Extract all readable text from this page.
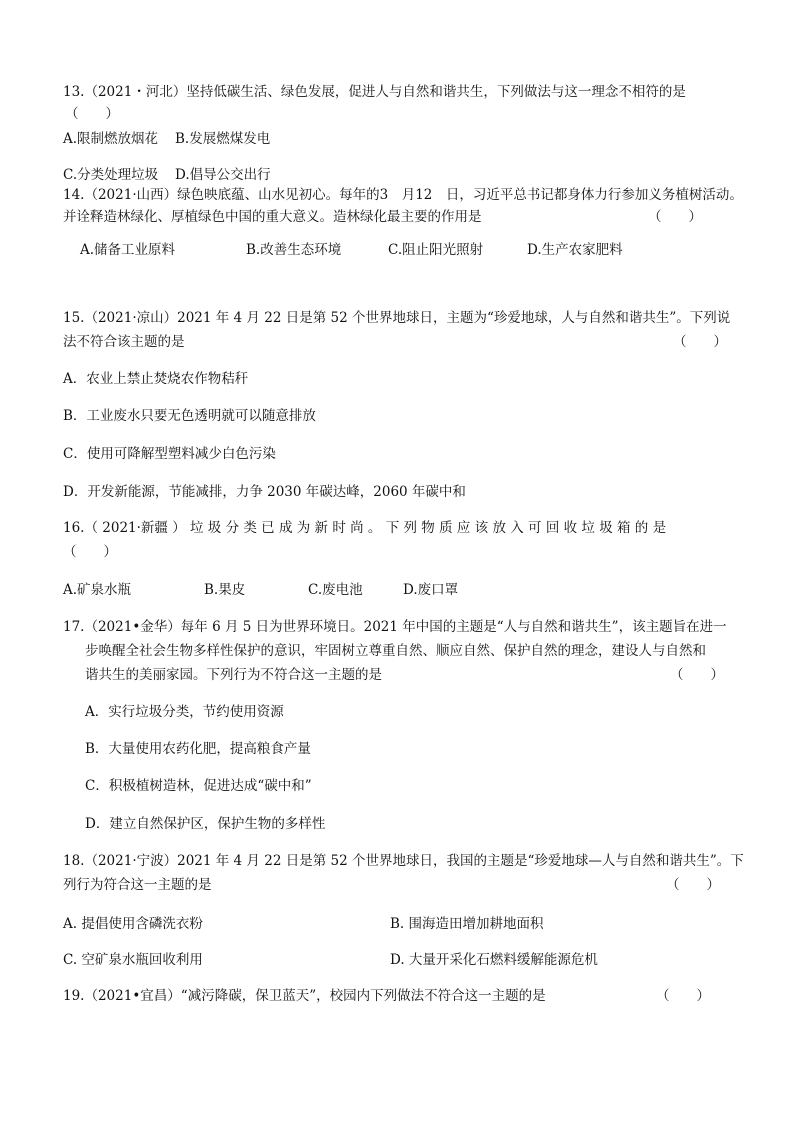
13.（2021・河北）坚持低碳生活、绿色发展，促进人与自然和谐共生，下列做法与这一理念不相符的是
（　　）
A.限制燃放烟花 B.发展燃煤发电
C.分类处理垃圾 D.倡导公交出行
14.（2021·山西）绿色映底蕴、山水见初心。每年的3　月12　日，习近平总书记都身体力行参加义务植树活动。
并诠释造林绿化、厚植绿色中国的重大意义。造林绿化最主要的作用是	（　　）
A.储备工业原料	B.改善生态环境	C.阻止阳光照射	D.生产农家肥料
15.（2021·凉山）2021 年 4 月 22 日是第 52 个世界地球日，主题为“珍爱地球，人与自然和谐共生”。下列说
法不符合该主题的是	（　　）
A．农业上禁止焚烧农作物秸秆
B．工业废水只要无色透明就可以随意排放
C．使用可降解型塑料减少白色污染
D．开发新能源，节能减排，力争 2030 年碳达峰，2060 年碳中和
16.（ 2021·新疆 ） 垃 圾 分 类 已 成 为 新 时 尚 。 下 列 物 质 应 该 放 入 可 回 收 垃 圾 箱 的 是
（　　）
A.矿泉水瓶	B.果皮	C.废电池	D.废口罩
17.（2021•金华）每年 6 月 5 日为世界环境日。2021 年中国的主题是“人与自然和谐共生”，该主题旨在进一
步唤醒全社会生物多样性保护的意识，牢固树立尊重自然、顺应自然、保护自然的理念，建设人与自然和
谐共生的美丽家园。下列行为不符合这一主题的是	（　　）
A．实行垃圾分类，节约使用资源
B．大量使用农药化肥，提高粮食产量
C．积极植树造林，促进达成“碳中和”
D．建立自然保护区，保护生物的多样性
18.（2021·宁波）2021 年 4 月 22 日是第 52 个世界地球日，我国的主题是“珍爱地球—人与自然和谐共生”。下
列行为符合这一主题的是	（　　）
A. 提倡使用含磷洗衣粉	B. 围海造田增加耕地面积
C. 空矿泉水瓶回收利用	D. 大量开采化石燃料缓解能源危机
19.（2021•宜昌）“减污降碳，保卫蓝天”，校园内下列做法不符合这一主题的是	（　　）
